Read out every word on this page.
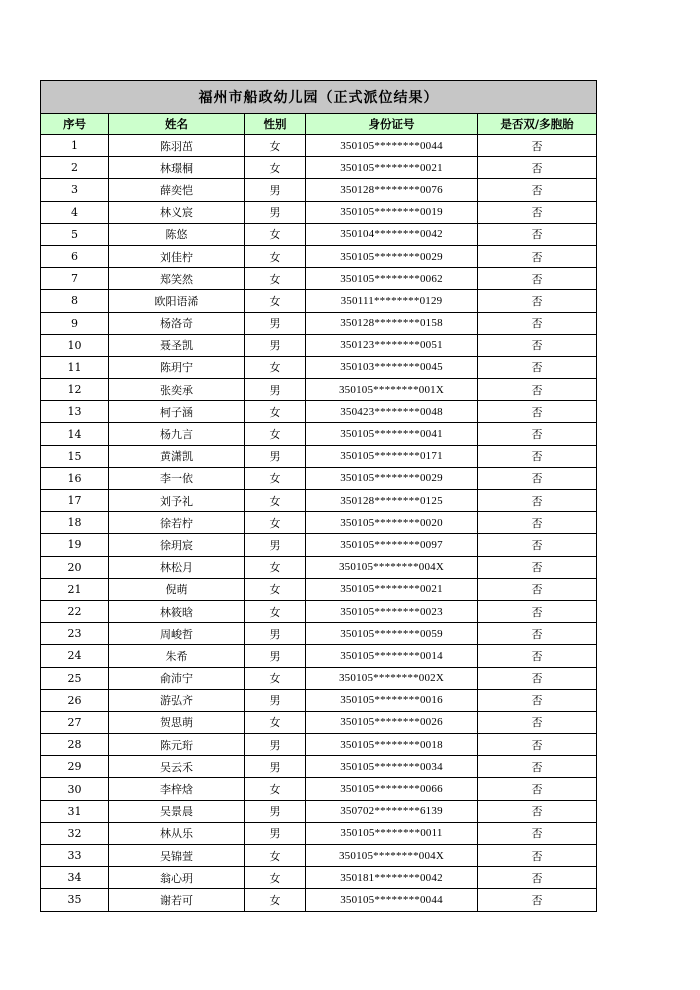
福州市船政幼儿园（正式派位结果）				
序号	姓名	性别	身份证号	是否双/多胞胎
1	陈羽茁	女	350105********0044	否
2	林璟桐	女	350105********0021	否
3	薛奕恺	男	350128********0076	否
4	林义宸	男	350105********0019	否
5	陈悠	女	350104********0042	否
6	刘佳柠	女	350105********0029	否
7	郑笑然	女	350105********0062	否
8	欧阳语浠	女	350111********0129	否
9	杨洛奇	男	350128********0158	否
10	聂圣凯	男	350123********0051	否
11	陈玥宁	女	350103********0045	否
12	张奕承	男	350105********001X	否
13	柯子涵	女	350423********0048	否
14	杨九言	女	350105********0041	否
15	黄潇凯	男	350105********0171	否
16	李一依	女	350105********0029	否
17	刘予礼	女	350128********0125	否
18	徐若柠	女	350105********0020	否
19	徐玥宸	男	350105********0097	否
20	林松月	女	350105********004X	否
21	倪萌	女	350105********0021	否
22	林筱晗	女	350105********0023	否
23	周峻哲	男	350105********0059	否
24	朱希	男	350105********0014	否
25	俞沛宁	女	350105********002X	否
26	游弘齐	男	350105********0016	否
27	贺思萌	女	350105********0026	否
28	陈元珩	男	350105********0018	否
29	吴云禾	男	350105********0034	否
30	李梓焓	女	350105********0066	否
31	吴景晨	男	350702********6139	否
32	林从乐	男	350105********0011	否
33	吴锦萱	女	350105********004X	否
34	翁心玥	女	350181********0042	否
35	谢若可	女	350105********0044	否
